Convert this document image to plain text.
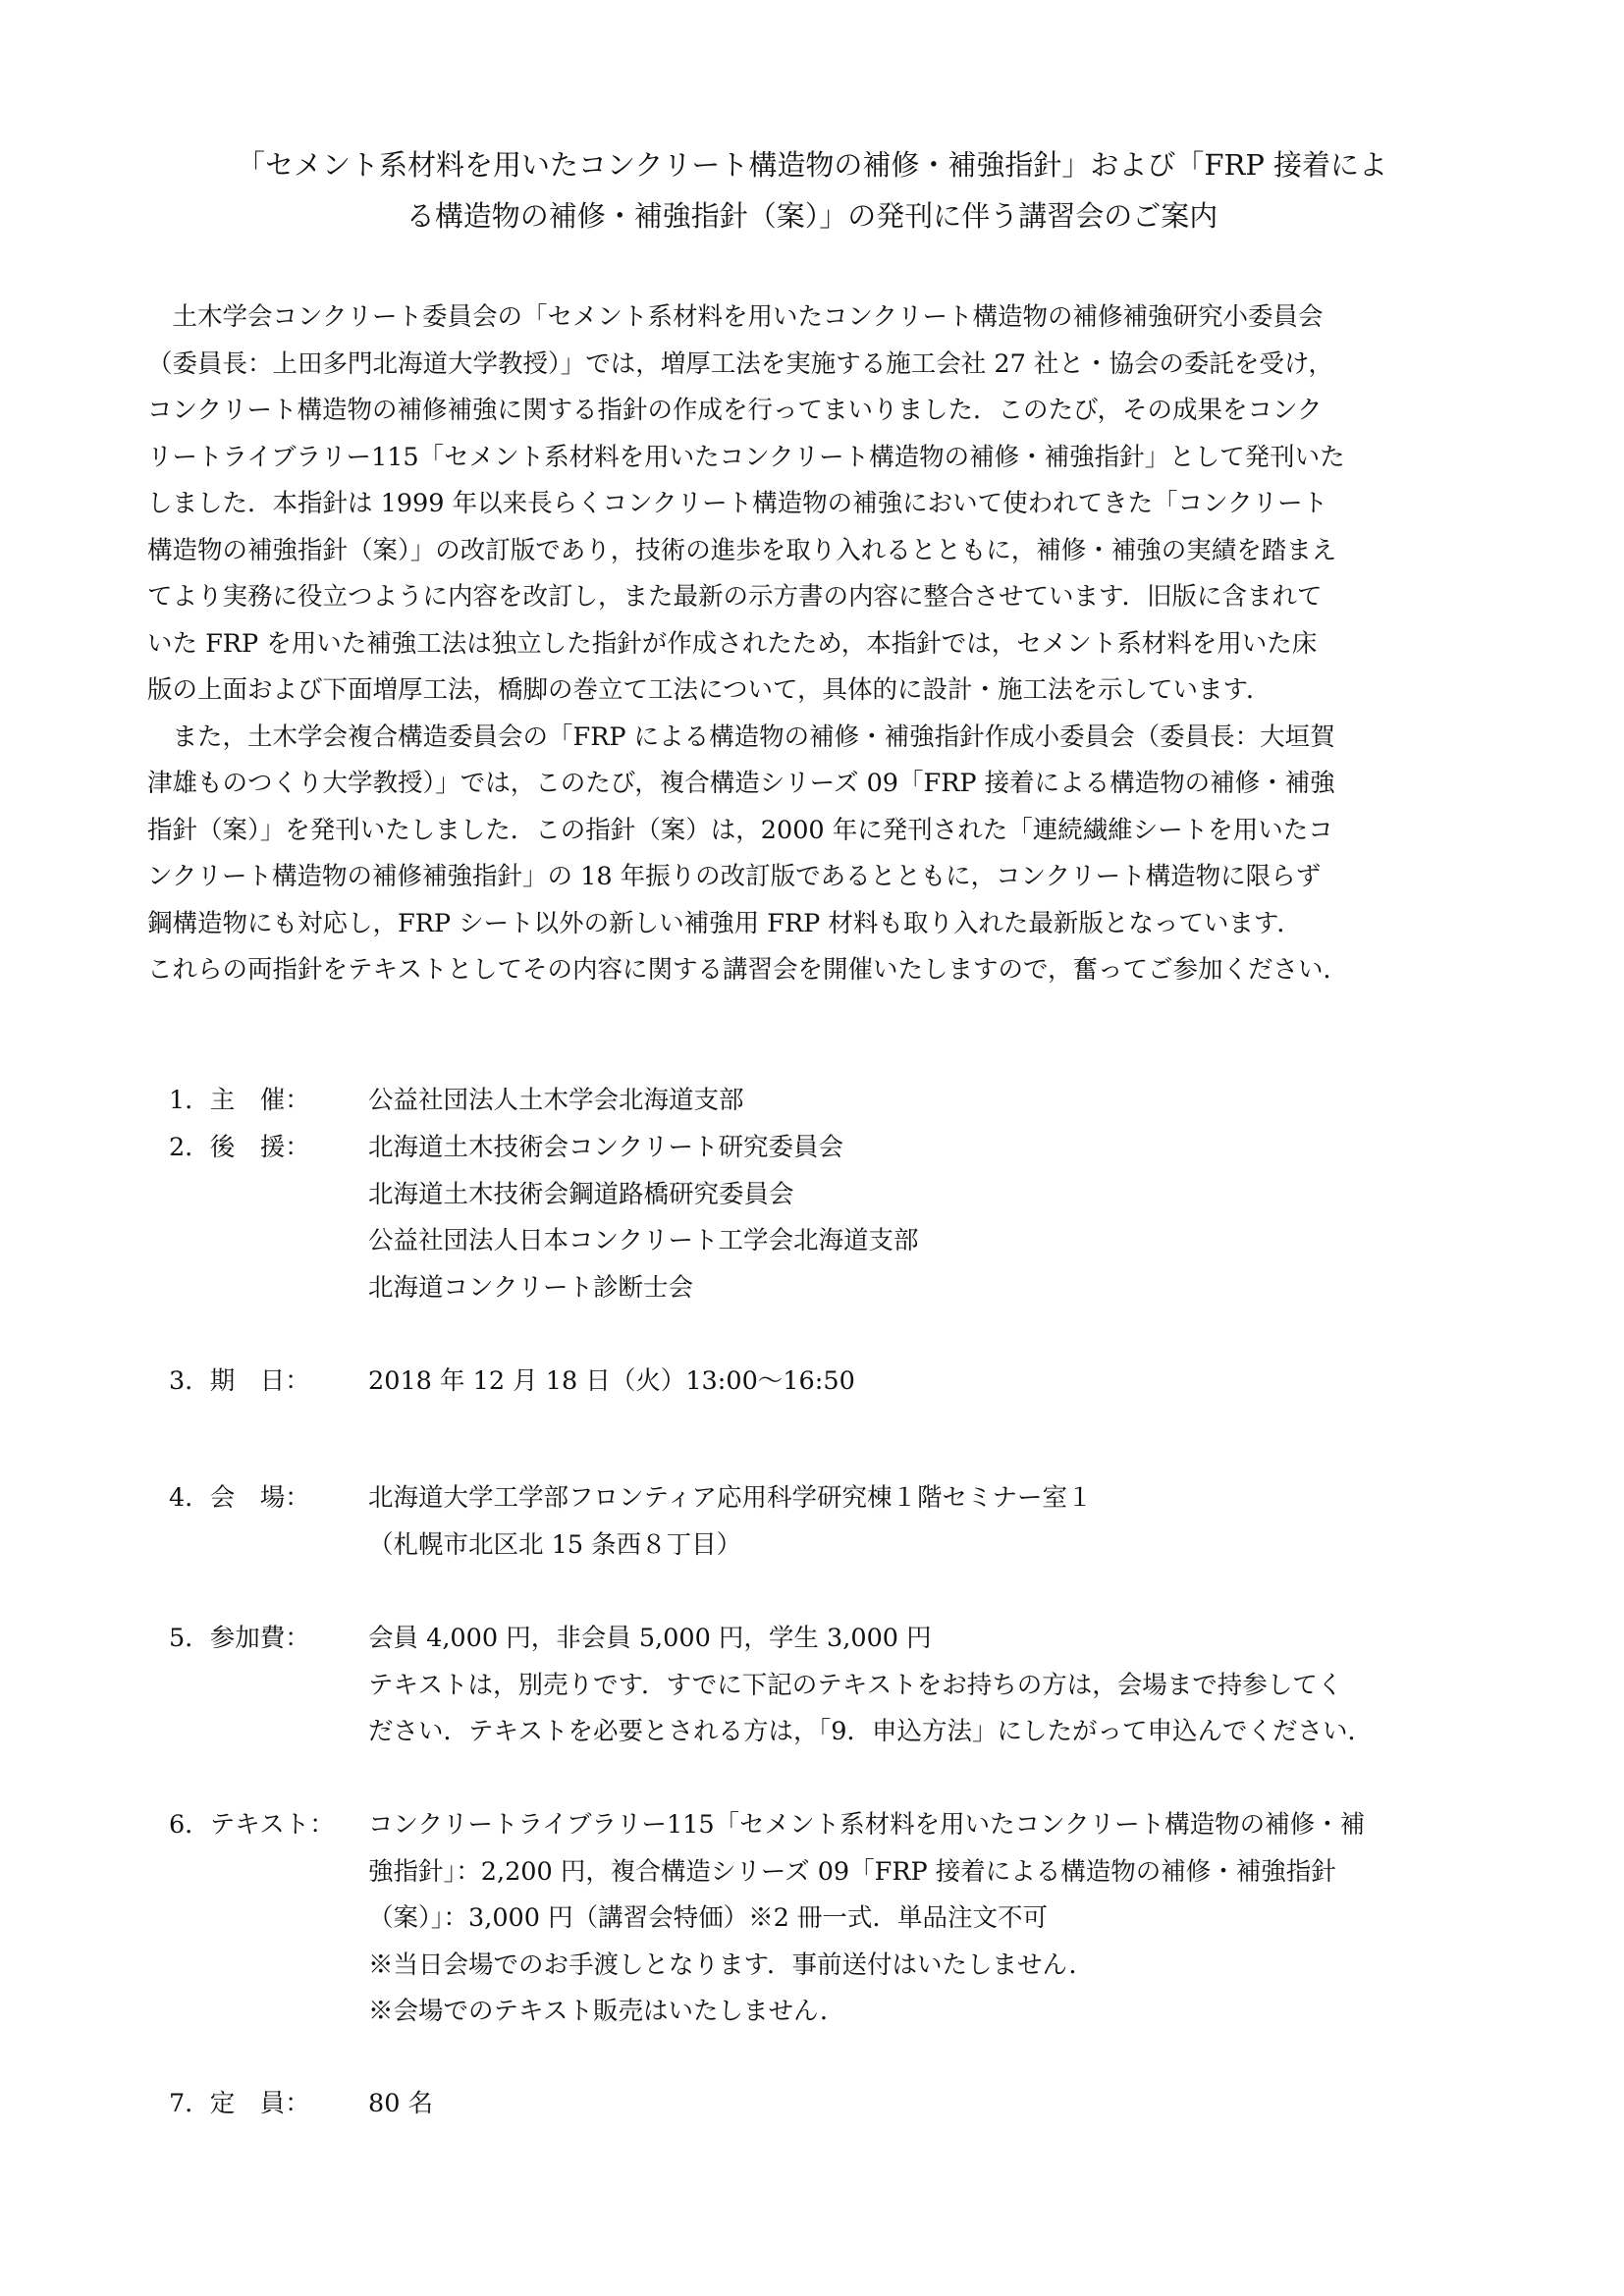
「セメント系材料を用いたコンクリート構造物の補修・補強指針」および「FRP 接着によ
る構造物の補修・補強指針（案）」の発刊に伴う講習会のご案内
　土木学会コンクリート委員会の「セメント系材料を用いたコンクリート構造物の補修補強研究小委員会
（委員長：上田多門北海道大学教授）」では，増厚工法を実施する施工会社 27 社と・協会の委託を受け，
コンクリート構造物の補修補強に関する指針の作成を行ってまいりました．このたび，その成果をコンク
リートライブラリー115「セメント系材料を用いたコンクリート構造物の補修・補強指針」として発刊いた
しました．本指針は 1999 年以来長らくコンクリート構造物の補強において使われてきた「コンクリート
構造物の補強指針（案）」の改訂版であり，技術の進歩を取り入れるとともに，補修・補強の実績を踏まえ
てより実務に役立つように内容を改訂し，また最新の示方書の内容に整合させています．旧版に含まれて
いた FRP を用いた補強工法は独立した指針が作成されたため，本指針では，セメント系材料を用いた床
版の上面および下面増厚工法，橋脚の巻立て工法について，具体的に設計・施工法を示しています．
　また，土木学会複合構造委員会の「FRP による構造物の補修・補強指針作成小委員会（委員長：大垣賀
津雄ものつくり大学教授）」では，このたび，複合構造シリーズ 09「FRP 接着による構造物の補修・補強
指針（案）」を発刊いたしました．この指針（案）は，2000 年に発刊された「連続繊維シートを用いたコ
ンクリート構造物の補修補強指針」の 18 年振りの改訂版であるとともに，コンクリート構造物に限らず
鋼構造物にも対応し，FRP シート以外の新しい補強用 FRP 材料も取り入れた最新版となっています．
これらの両指針をテキストとしてその内容に関する講習会を開催いたしますので，奮ってご参加ください．
1．主　催：	公益社団法人土木学会北海道支部
2．後　援：	北海道土木技術会コンクリート研究委員会
北海道土木技術会鋼道路橋研究委員会
公益社団法人日本コンクリート工学会北海道支部
北海道コンクリート診断士会
3．期　日：	2018 年 12 月 18 日（火）13:00～16:50
4．会　場：	北海道大学工学部フロンティア応用科学研究棟１階セミナー室１
（札幌市北区北 15 条西８丁目）
5．参加費：	会員 4,000 円，非会員 5,000 円，学生 3,000 円
テキストは，別売りです．すでに下記のテキストをお持ちの方は，会場まで持参してく
ださい．テキストを必要とされる方は，「9．申込方法」にしたがって申込んでください．
6．テキスト：	コンクリートライブラリー115「セメント系材料を用いたコンクリート構造物の補修・補
強指針」：2,200 円，複合構造シリーズ 09「FRP 接着による構造物の補修・補強指針
（案）」：3,000 円（講習会特価）※2 冊一式．単品注文不可
※当日会場でのお手渡しとなります．事前送付はいたしません．
※会場でのテキスト販売はいたしません．
7．定　員：	80 名
